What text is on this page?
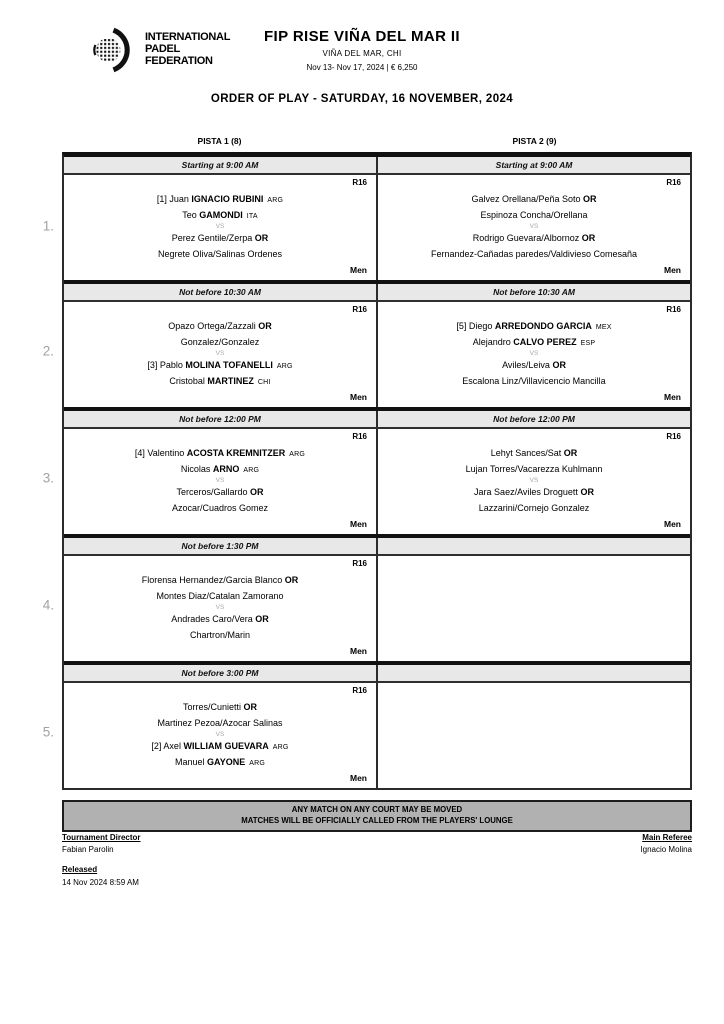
INTERNATIONAL
PADEL
FEDERATION
FIP RISE VIÑA DEL MAR II
VIÑA DEL MAR, CHI
Nov 13- Nov 17, 2024 | € 6,250
ORDER OF PLAY - SATURDAY, 16 NOVEMBER, 2024
PISTA 1 (8)	PISTA 2 (9)
1.
Starting at 9:00 AM	Starting at 9:00 AM
R16
[1] Juan IGNACIO RUBINI ARG
Teo GAMONDI ITA
VS
Perez Gentile/Zerpa OR
Negrete Oliva/Salinas Ordenes
Men
R16
Galvez Orellana/Peña Soto OR
Espinoza Concha/Orellana
VS
Rodrigo Guevara/Albornoz OR
Fernandez-Cañadas paredes/Valdivieso Comesaña
Men
2.
Not before 10:30 AM	Not before 10:30 AM
R16
Opazo Ortega/Zazzali OR
Gonzalez/Gonzalez
VS
[3] Pablo MOLINA TOFANELLI ARG
Cristobal MARTINEZ CHI
Men
R16
[5] Diego ARREDONDO GARCIA MEX
Alejandro CALVO PEREZ ESP
VS
Aviles/Leiva OR
Escalona Linz/Villavicencio Mancilla
Men
3.
Not before 12:00 PM	Not before 12:00 PM
R16
[4] Valentino ACOSTA KREMNITZER ARG
Nicolas ARNO ARG
VS
Terceros/Gallardo OR
Azocar/Cuadros Gomez
Men
R16
Lehyt Sances/Sat OR
Lujan Torres/Vacarezza Kuhlmann
VS
Jara Saez/Aviles Droguett OR
Lazzarini/Cornejo Gonzalez
Men
4.
Not before 1:30 PM
R16
Florensa Hernandez/Garcia Blanco OR
Montes Diaz/Catalan Zamorano
VS
Andrades Caro/Vera OR
Chartron/Marin
Men
5.
Not before 3:00 PM
R16
Torres/Cunietti OR
Martinez Pezoa/Azocar Salinas
VS
[2] Axel WILLIAM GUEVARA ARG
Manuel GAYONE ARG
Men
ANY MATCH ON ANY COURT MAY BE MOVED
MATCHES WILL BE OFFICIALLY CALLED FROM THE PLAYERS' LOUNGE
Tournament Director
Fabian Parolin
Released
14 Nov 2024 8:59 AM
Main Referee
Ignacio Molina
